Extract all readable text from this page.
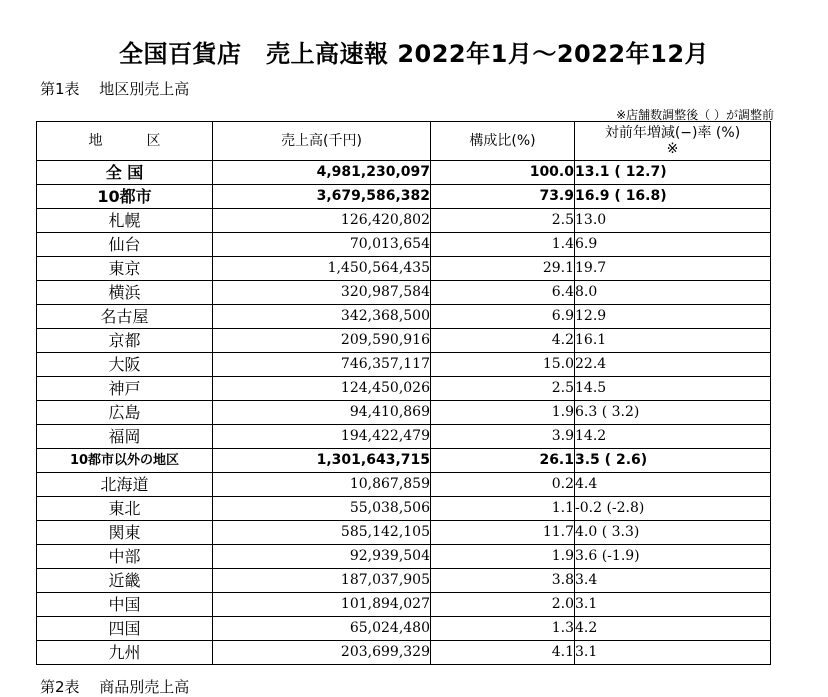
全国百貨店　売上高速報 2022年1月～2022年12月
第1表　 地区別売上高
※店舗数調整後（ ）が調整前
地 区	売上高(千円)	構成比(%)	対前年増減(−)率 (%)
※

全 国	4,981,230,097	100.0	13.1 ( 12.7)
10都市	3,679,586,382	73.9	16.9 ( 16.8)
札幌	126,420,802	2.5	13.0
仙台	70,013,654	1.4	6.9
東京	1,450,564,435	29.1	19.7
横浜	320,987,584	6.4	8.0
名古屋	342,368,500	6.9	12.9
京都	209,590,916	4.2	16.1
大阪	746,357,117	15.0	22.4
神戸	124,450,026	2.5	14.5
広島	94,410,869	1.9	6.3 ( 3.2)
福岡	194,422,479	3.9	14.2
10都市以外の地区	1,301,643,715	26.1	3.5 ( 2.6)
北海道	10,867,859	0.2	4.4
東北	55,038,506	1.1	-0.2 (-2.8)
関東	585,142,105	11.7	4.0 ( 3.3)
中部	92,939,504	1.9	3.6 (-1.9)
近畿	187,037,905	3.8	3.4
中国	101,894,027	2.0	3.1
四国	65,024,480	1.3	4.2
九州	203,699,329	4.1	3.1
第2表　 商品別売上高
